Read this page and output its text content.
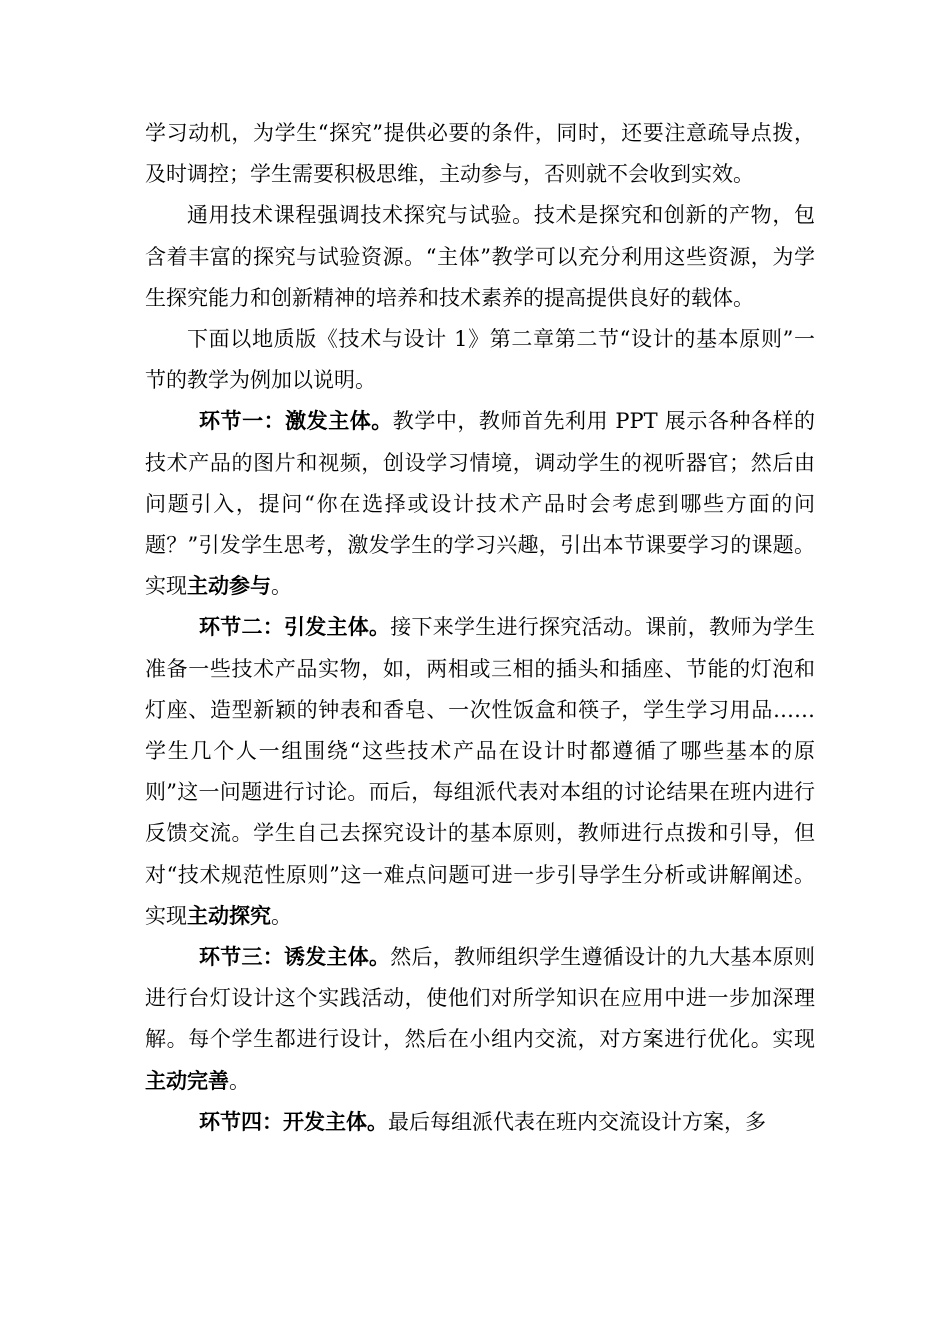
学习动机，为学生“探究”提供必要的条件，同时，还要注意疏导点拨，及时调控；学生需要积极思维，主动参与，否则就不会收到实效。

通用技术课程强调技术探究与试验。技术是探究和创新的产物，包含着丰富的探究与试验资源。“主体”教学可以充分利用这些资源，为学生探究能力和创新精神的培养和技术素养的提高提供良好的载体。

下面以地质版《技术与设计 1》第二章第二节“设计的基本原则”一节的教学为例加以说明。

环节一：激发主体。教学中，教师首先利用 PPT 展示各种各样的技术产品的图片和视频，创设学习情境，调动学生的视听器官；然后由问题引入，提问“你在选择或设计技术产品时会考虑到哪些方面的问题？”引发学生思考，激发学生的学习兴趣，引出本节课要学习的课题。实现主动参与。

环节二：引发主体。接下来学生进行探究活动。课前，教师为学生准备一些技术产品实物，如，两相或三相的插头和插座、节能的灯泡和灯座、造型新颖的钟表和香皂、一次性饭盒和筷子，学生学习用品……学生几个人一组围绕“这些技术产品在设计时都遵循了哪些基本的原则”这一问题进行讨论。而后，每组派代表对本组的讨论结果在班内进行反馈交流。学生自己去探究设计的基本原则，教师进行点拨和引导，但对“技术规范性原则”这一难点问题可进一步引导学生分析或讲解阐述。实现主动探究。

环节三：诱发主体。然后，教师组织学生遵循设计的九大基本原则进行台灯设计这个实践活动，使他们对所学知识在应用中进一步加深理解。每个学生都进行设计，然后在小组内交流，对方案进行优化。实现主动完善。

环节四：开发主体。最后每组派代表在班内交流设计方案，多
